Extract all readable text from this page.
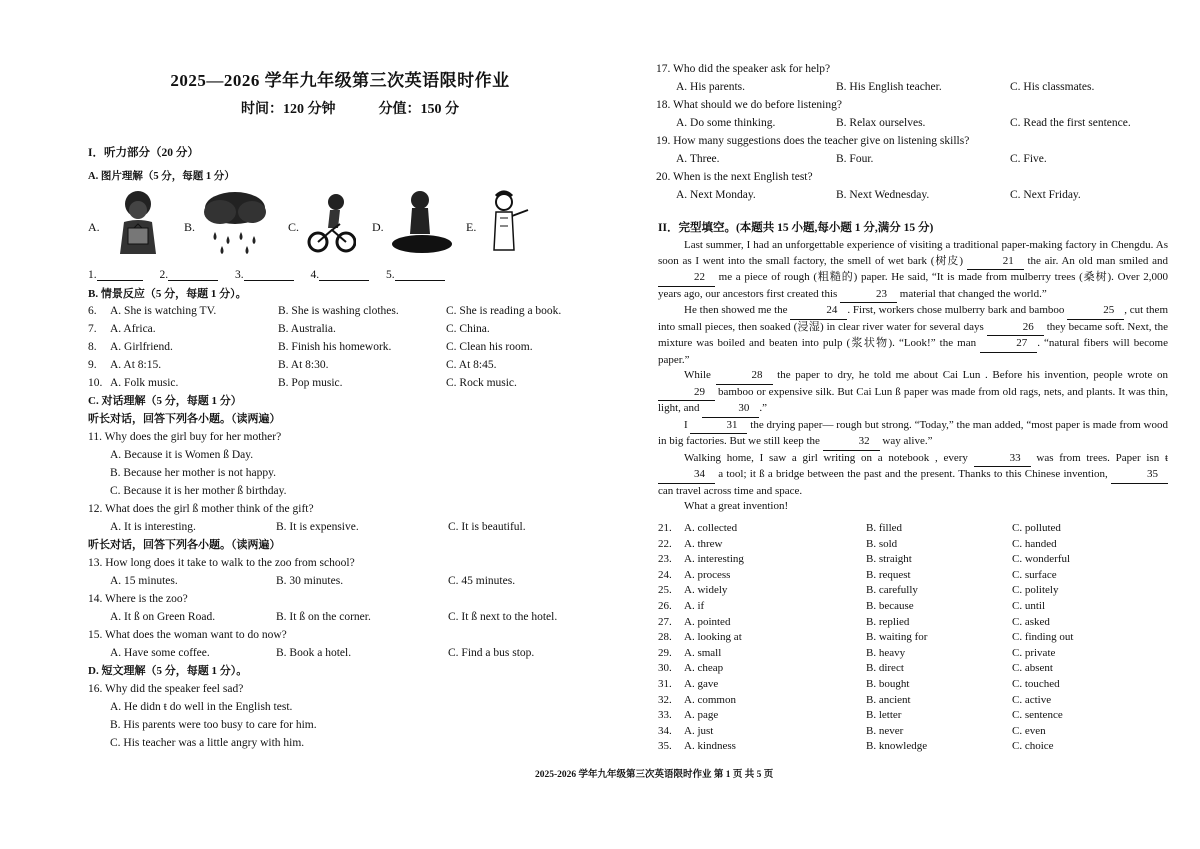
2025—2026 学年九年级第三次英语限时作业
时间：120 分钟	分值：150 分
I．听力部分（20 分）
A. 图片理解（5 分，每题 1 分）
A.	B.	C.	D.	E.
1.	2.	3.	4.	5.
B. 情景反应（5 分，每题 1 分）。
6. A. She is watching TV.	B. She is washing clothes.	C. She is reading a book.
7. A. Africa.	B. Australia.	C. China.
8. A. Girlfriend.	B. Finish his homework.	C. Clean his room.
9. A. At 8:15.	B. At 8:30.	C. At 8:45.
10. A. Folk music.	B. Pop music.	C. Rock music.
C. 对话理解（5 分，每题 1 分）
听长对话，回答下列各小题。（读两遍）
11. Why does the girl buy for her mother?
A. Because it is Women ß Day.
B. Because her mother is not happy.
C. Because it is her mother ß birthday.
12. What does the girl ß mother think of the gift?
A. It is interesting.	B. It is expensive.	C. It is beautiful.
听长对话，回答下列各小题。（读两遍）
13. How long does it take to walk to the zoo from school?
A. 15 minutes.	B. 30 minutes.	C. 45 minutes.
14. Where is the zoo?
A. It ß on Green Road.	B. It ß on the corner.	C. It ß next to the hotel.
15. What does the woman want to do now?
A. Have some coffee.	B. Book a hotel.	C. Find a bus stop.
D. 短文理解（5 分，每题 1 分）。
16. Why did the speaker feel sad?
A. He didn ŧ do well in the English test.
B. His parents were too busy to care for him.
C. His teacher was a little angry with him.
17. Who did the speaker ask for help?
A. His parents.	B. His English teacher.	C. His classmates.
18. What should we do before listening?
A. Do some thinking.	B. Relax ourselves.	C. Read the first sentence.
19. How many suggestions does the teacher give on listening skills?
A. Three.	B. Four.	C. Five.
20. When is the next English test?
A. Next Monday.	B. Next Wednesday.	C. Next Friday.
II．完型填空。(本题共 15 小题,每小题 1 分,满分 15 分)

Last summer, I had an unforgettable experience of visiting a traditional paper-making factory in Chengdu. As soon as I went into the small factory, the smell of wet bark (树皮)	21 the air. An old man smiled and 22 me a piece of rough (粗糙的) paper. He said, “It is made from mulberry trees (桑树). Over 2,000 years ago, our ancestors first created this	23 material that changed the world.”

He then showed me the	24 . First, workers chose mulberry bark and bamboo	25 , cut them into small pieces, then soaked (浸湿) in clear river water for several days	26 they became soft. Next, the mixture was boiled and beaten into pulp (浆状物). “Look!” the man	27 . “natural fibers will become paper.”

While	28 the paper to dry, he told me about Cai Lun . Before his invention, people wrote on 29 bamboo or expensive silk. But Cai Lun ß paper was made from old rags, nets, and plants. It was thin, light, and	30 .”

I	31 the drying paper— rough but strong. “Today,” the man added, “most paper is made from wood in big factories. But we still keep the	32 way alive.”

Walking home, I saw a girl writing on a notebook , every	33 was from trees. Paper isn ŧ 34 a tool; it ß a bridge between the past and the present. Thanks to this Chinese invention,	35 can travel across time and space.

What a great invention!

21. A. collected	B. filled	C. polluted
22. A. threw	B. sold	C. handed
23. A. interesting	B. straight	C. wonderful
24. A. process	B. request	C. surface
25. A. widely	B. carefully	C. politely
26. A. if	B. because	C. until
27. A. pointed	B. replied	C. asked
28. A. looking at	B. waiting for	C. finding out
29. A. small	B. heavy	C. private
30. A. cheap	B. direct	C. absent
31. A. gave	B. bought	C. touched
32. A. common	B. ancient	C. active
33. A. page	B. letter	C. sentence
34. A. just	B. never	C. even
35. A. kindness	B. knowledge	C. choice
2025-2026 学年九年级第三次英语限时作业 第 1 页 共 5 页
